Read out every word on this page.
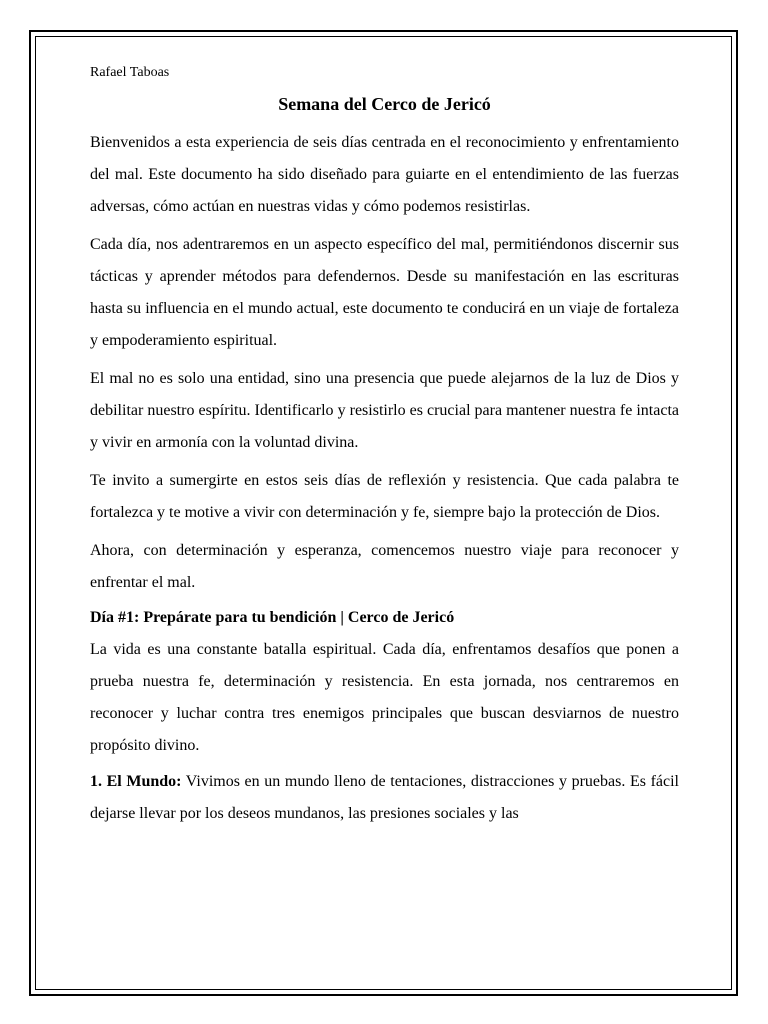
Rafael Taboas

Semana del Cerco de Jericó

Bienvenidos a esta experiencia de seis días centrada en el reconocimiento y enfrentamiento del mal. Este documento ha sido diseñado para guiarte en el entendimiento de las fuerzas adversas, cómo actúan en nuestras vidas y cómo podemos resistirlas.

Cada día, nos adentraremos en un aspecto específico del mal, permitiéndonos discernir sus tácticas y aprender métodos para defendernos. Desde su manifestación en las escrituras hasta su influencia en el mundo actual, este documento te conducirá en un viaje de fortaleza y empoderamiento espiritual.

El mal no es solo una entidad, sino una presencia que puede alejarnos de la luz de Dios y debilitar nuestro espíritu. Identificarlo y resistirlo es crucial para mantener nuestra fe intacta y vivir en armonía con la voluntad divina.

Te invito a sumergirte en estos seis días de reflexión y resistencia. Que cada palabra te fortalezca y te motive a vivir con determinación y fe, siempre bajo la protección de Dios.

Ahora, con determinación y esperanza, comencemos nuestro viaje para reconocer y enfrentar el mal.

Día #1: Prepárate para tu bendición | Cerco de Jericó

La vida es una constante batalla espiritual. Cada día, enfrentamos desafíos que ponen a prueba nuestra fe, determinación y resistencia. En esta jornada, nos centraremos en reconocer y luchar contra tres enemigos principales que buscan desviarnos de nuestro propósito divino.

1. El Mundo: Vivimos en un mundo lleno de tentaciones, distracciones y pruebas. Es fácil dejarse llevar por los deseos mundanos, las presiones sociales y las
